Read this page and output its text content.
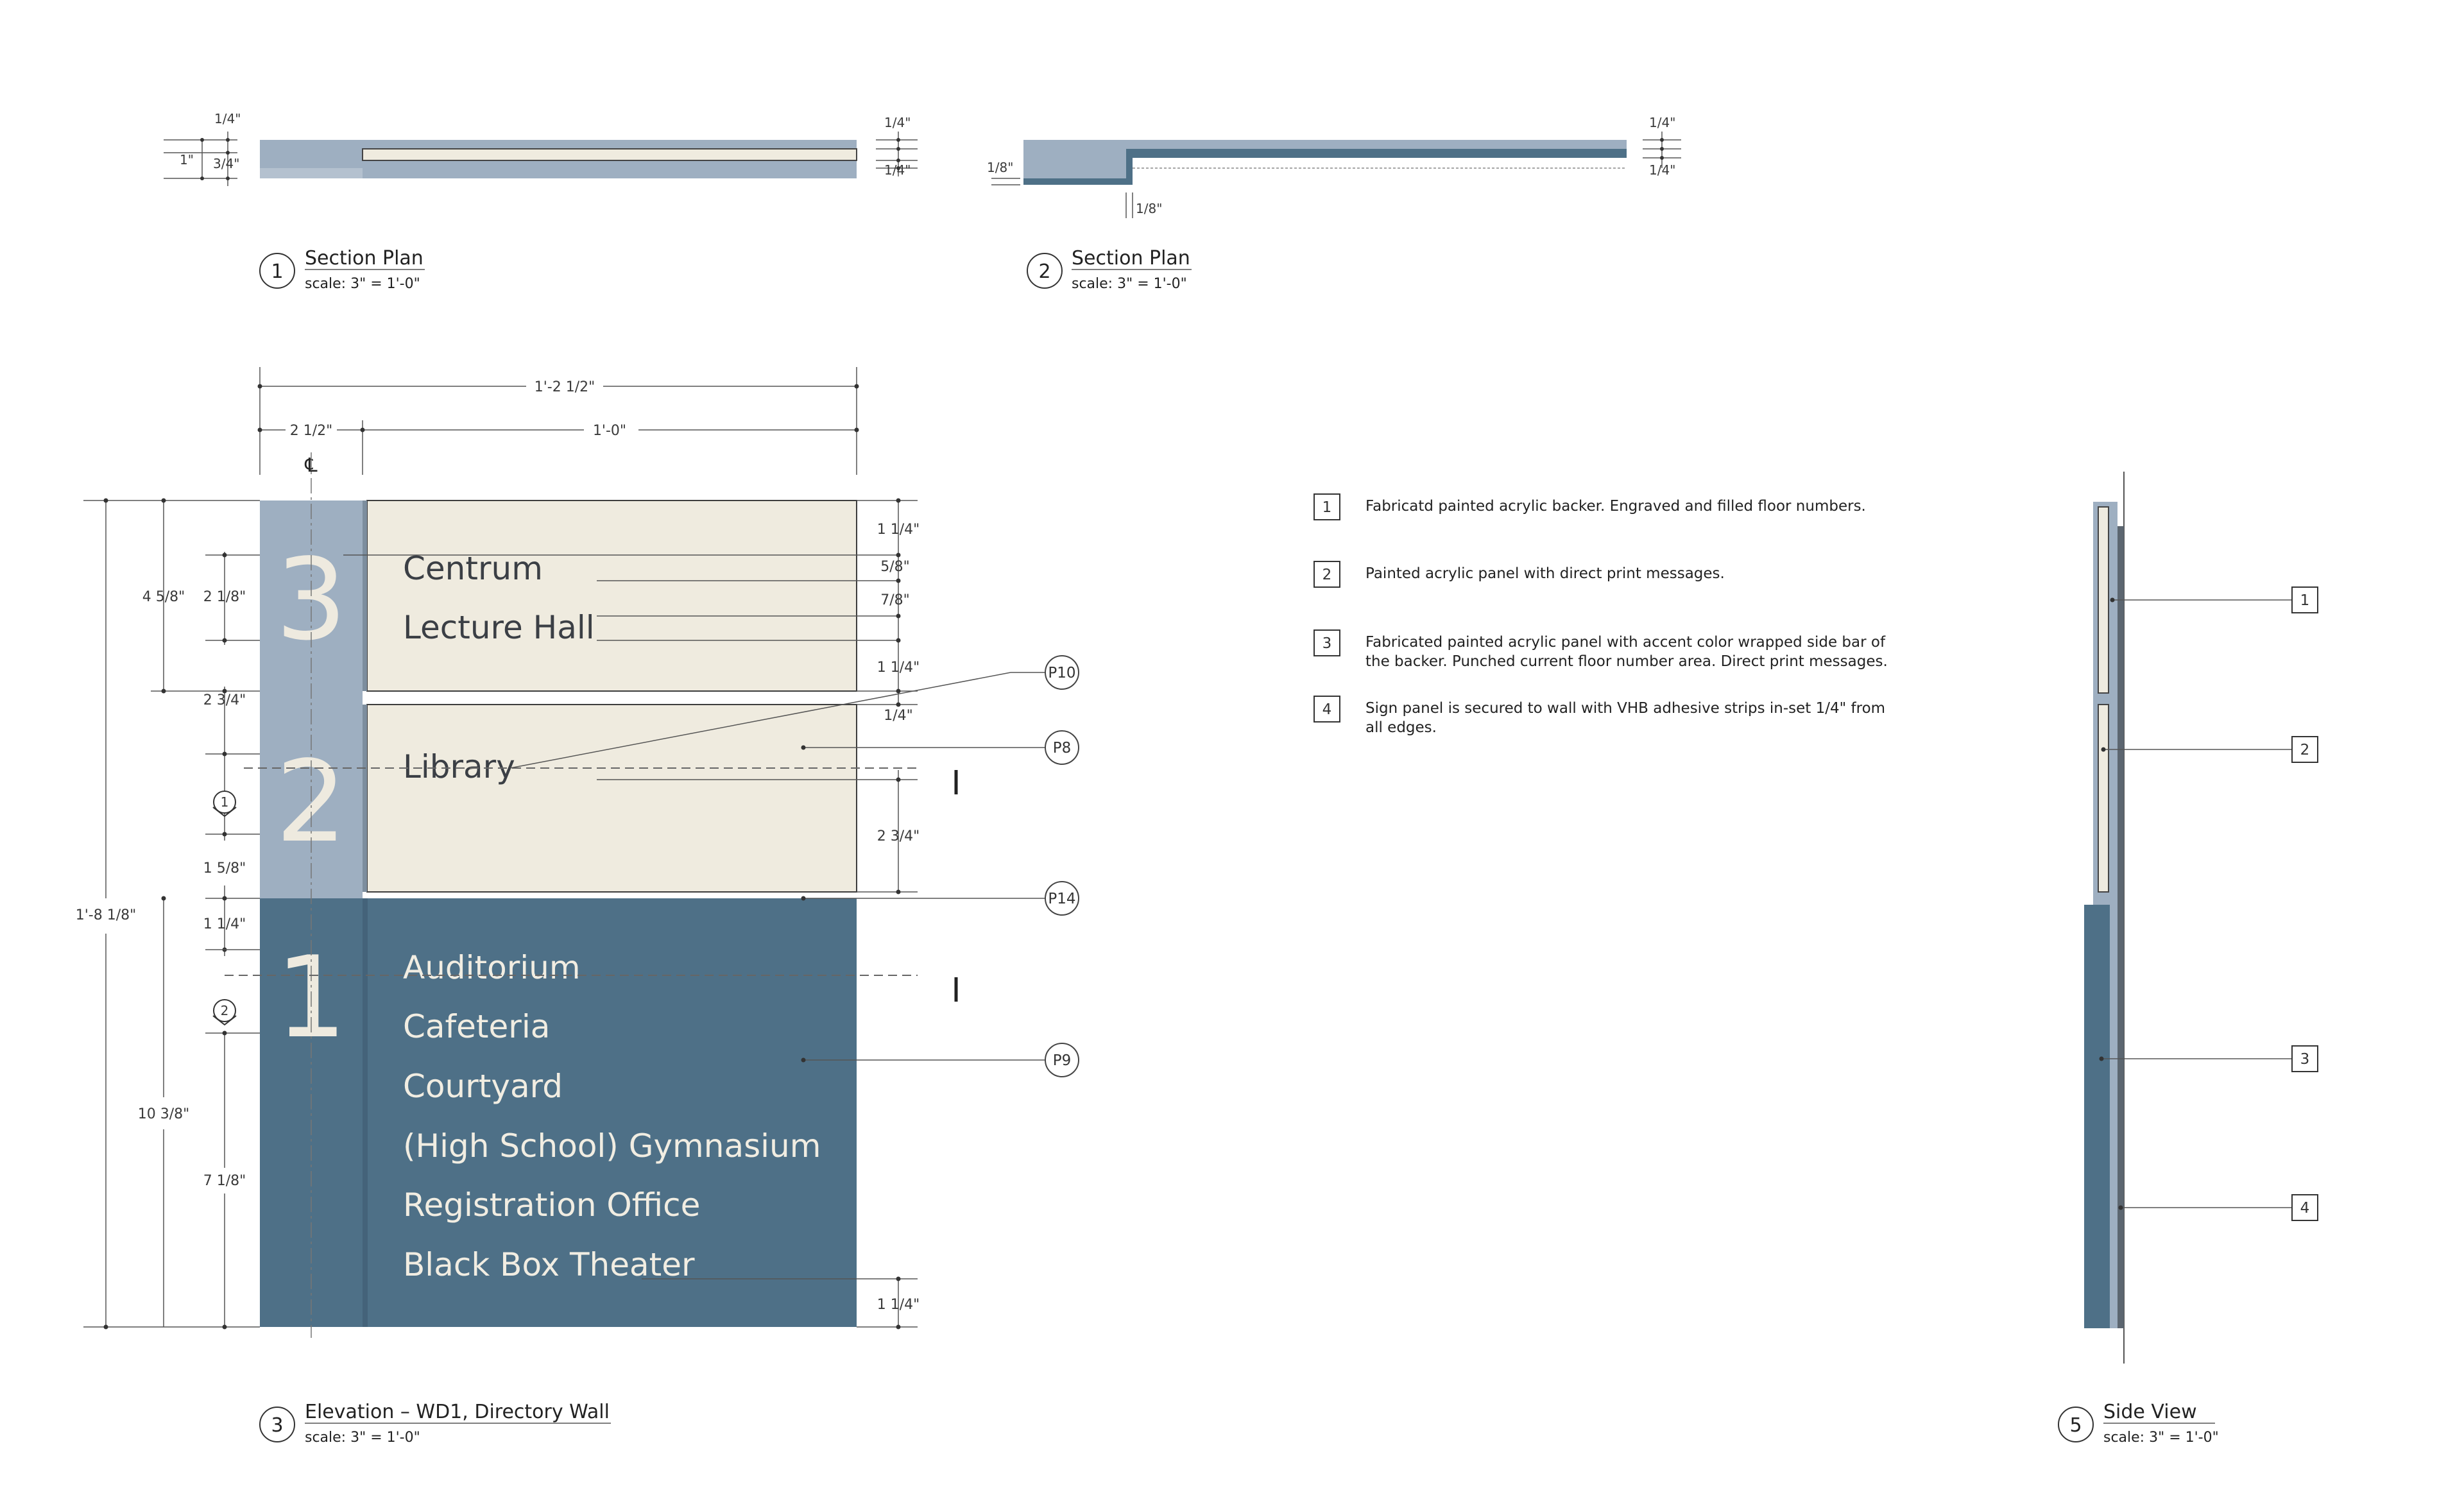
1/4"
1" 3/4"
1/4"
1/4"
1
Section Plan
scale: 3" = 1'-0"
1/8"
1/8"
1/4"
1/4"
2
Section Plan
scale: 3" = 1'-0"
1'-2 1/2"
2 1/2"	1'-0"
℄
3
2
1
Centrum
Lecture Hall
Library
Auditorium
Cafeteria
Courtyard
(High School) Gymnasium
Registration Office
Black Box Theater
1 1/4"
5/8"
7/8"
1 1/4"
1/4"
2 3/4"
1 1/4"
1'-8 1/8"
4 5/8" 2 1/8"
2 3/4"
1 5/8"
1 1/4"
10 3/8"
7 1/8"
1
2
P10
P8
P14
P9
3
Elevation – WD1, Directory Wall
scale: 3" = 1'-0"
1 Fabricatd painted acrylic backer. Engraved and filled floor numbers.
2 Painted acrylic panel with direct print messages.
3 Fabricated painted acrylic panel with accent color wrapped side bar of
the backer. Punched current floor number area. Direct print messages.
4 Sign panel is secured to wall with VHB adhesive strips in-set 1/4" from
all edges.
1
2
3
4
5
Side View
scale: 3" = 1'-0"
